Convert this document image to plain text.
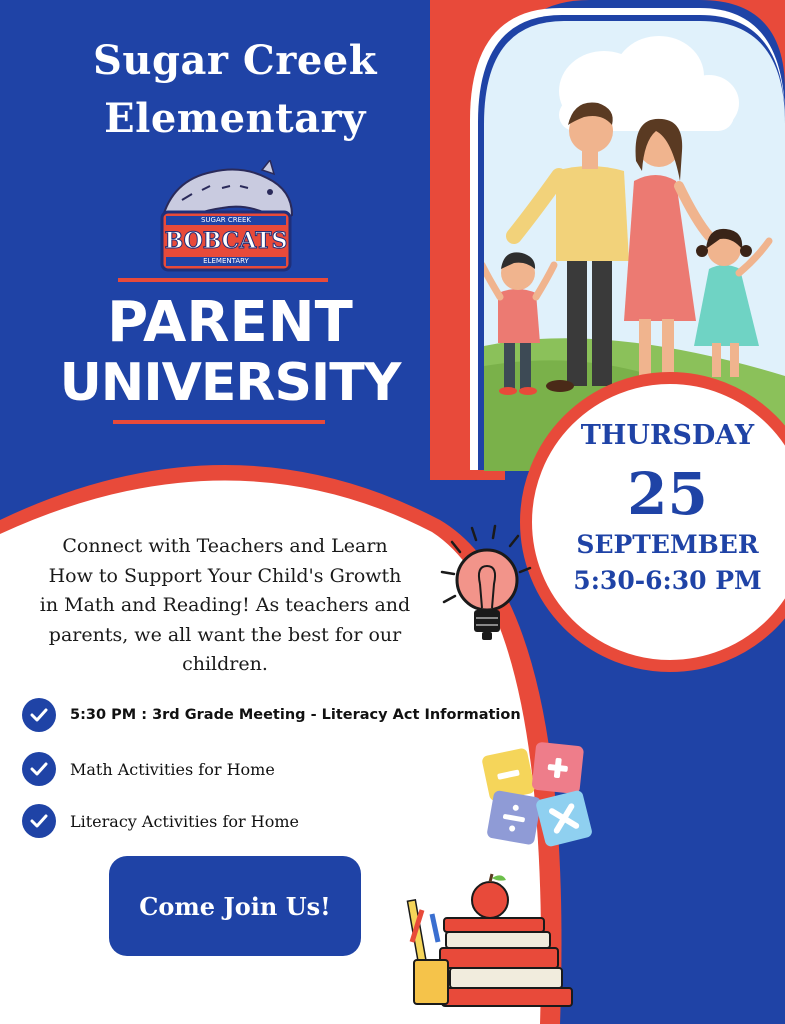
Sugar Creek
Elementary
SUGAR CREEK
BOBCATS
ELEMENTARY
PARENT
UNIVERSITY
THURSDAY
25
SEPTEMBER
5:30-6:30 PM
Connect with Teachers and Learn
How to Support Your Child's Growth
in Math and Reading! As teachers and
parents, we all want the best for our
children.
5:30 PM : 3rd Grade Meeting - Literacy Act Information
Math Activities for Home
Literacy Activities for Home
Come Join Us!
